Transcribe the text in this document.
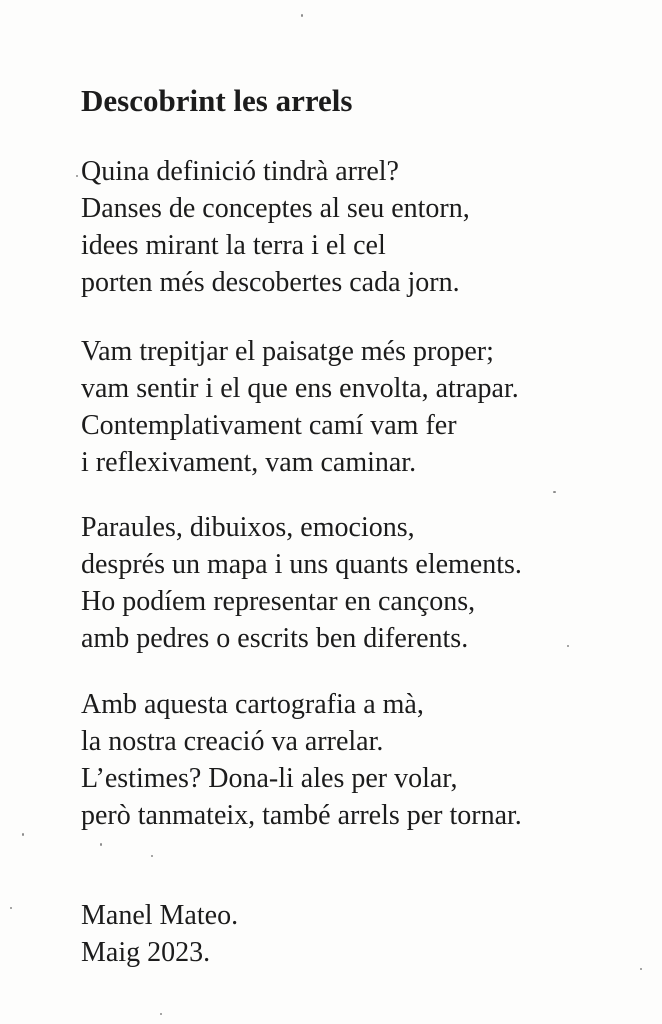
Descobrint les arrels
Quina definició tindrà arrel?
Danses de conceptes al seu entorn,
idees mirant la terra i el cel
porten més descobertes cada jorn.
Vam trepitjar el paisatge més proper;
vam sentir i el que ens envolta, atrapar.
Contemplativament camí vam fer
i reflexivament, vam caminar.
Paraules, dibuixos, emocions,
després un mapa i uns quants elements.
Ho podíem representar en cançons,
amb pedres o escrits ben diferents.
Amb aquesta cartografia a mà,
la nostra creació va arrelar.
L’estimes? Dona-li ales per volar,
però tanmateix, també arrels per tornar.
Manel Mateo.
Maig 2023.
